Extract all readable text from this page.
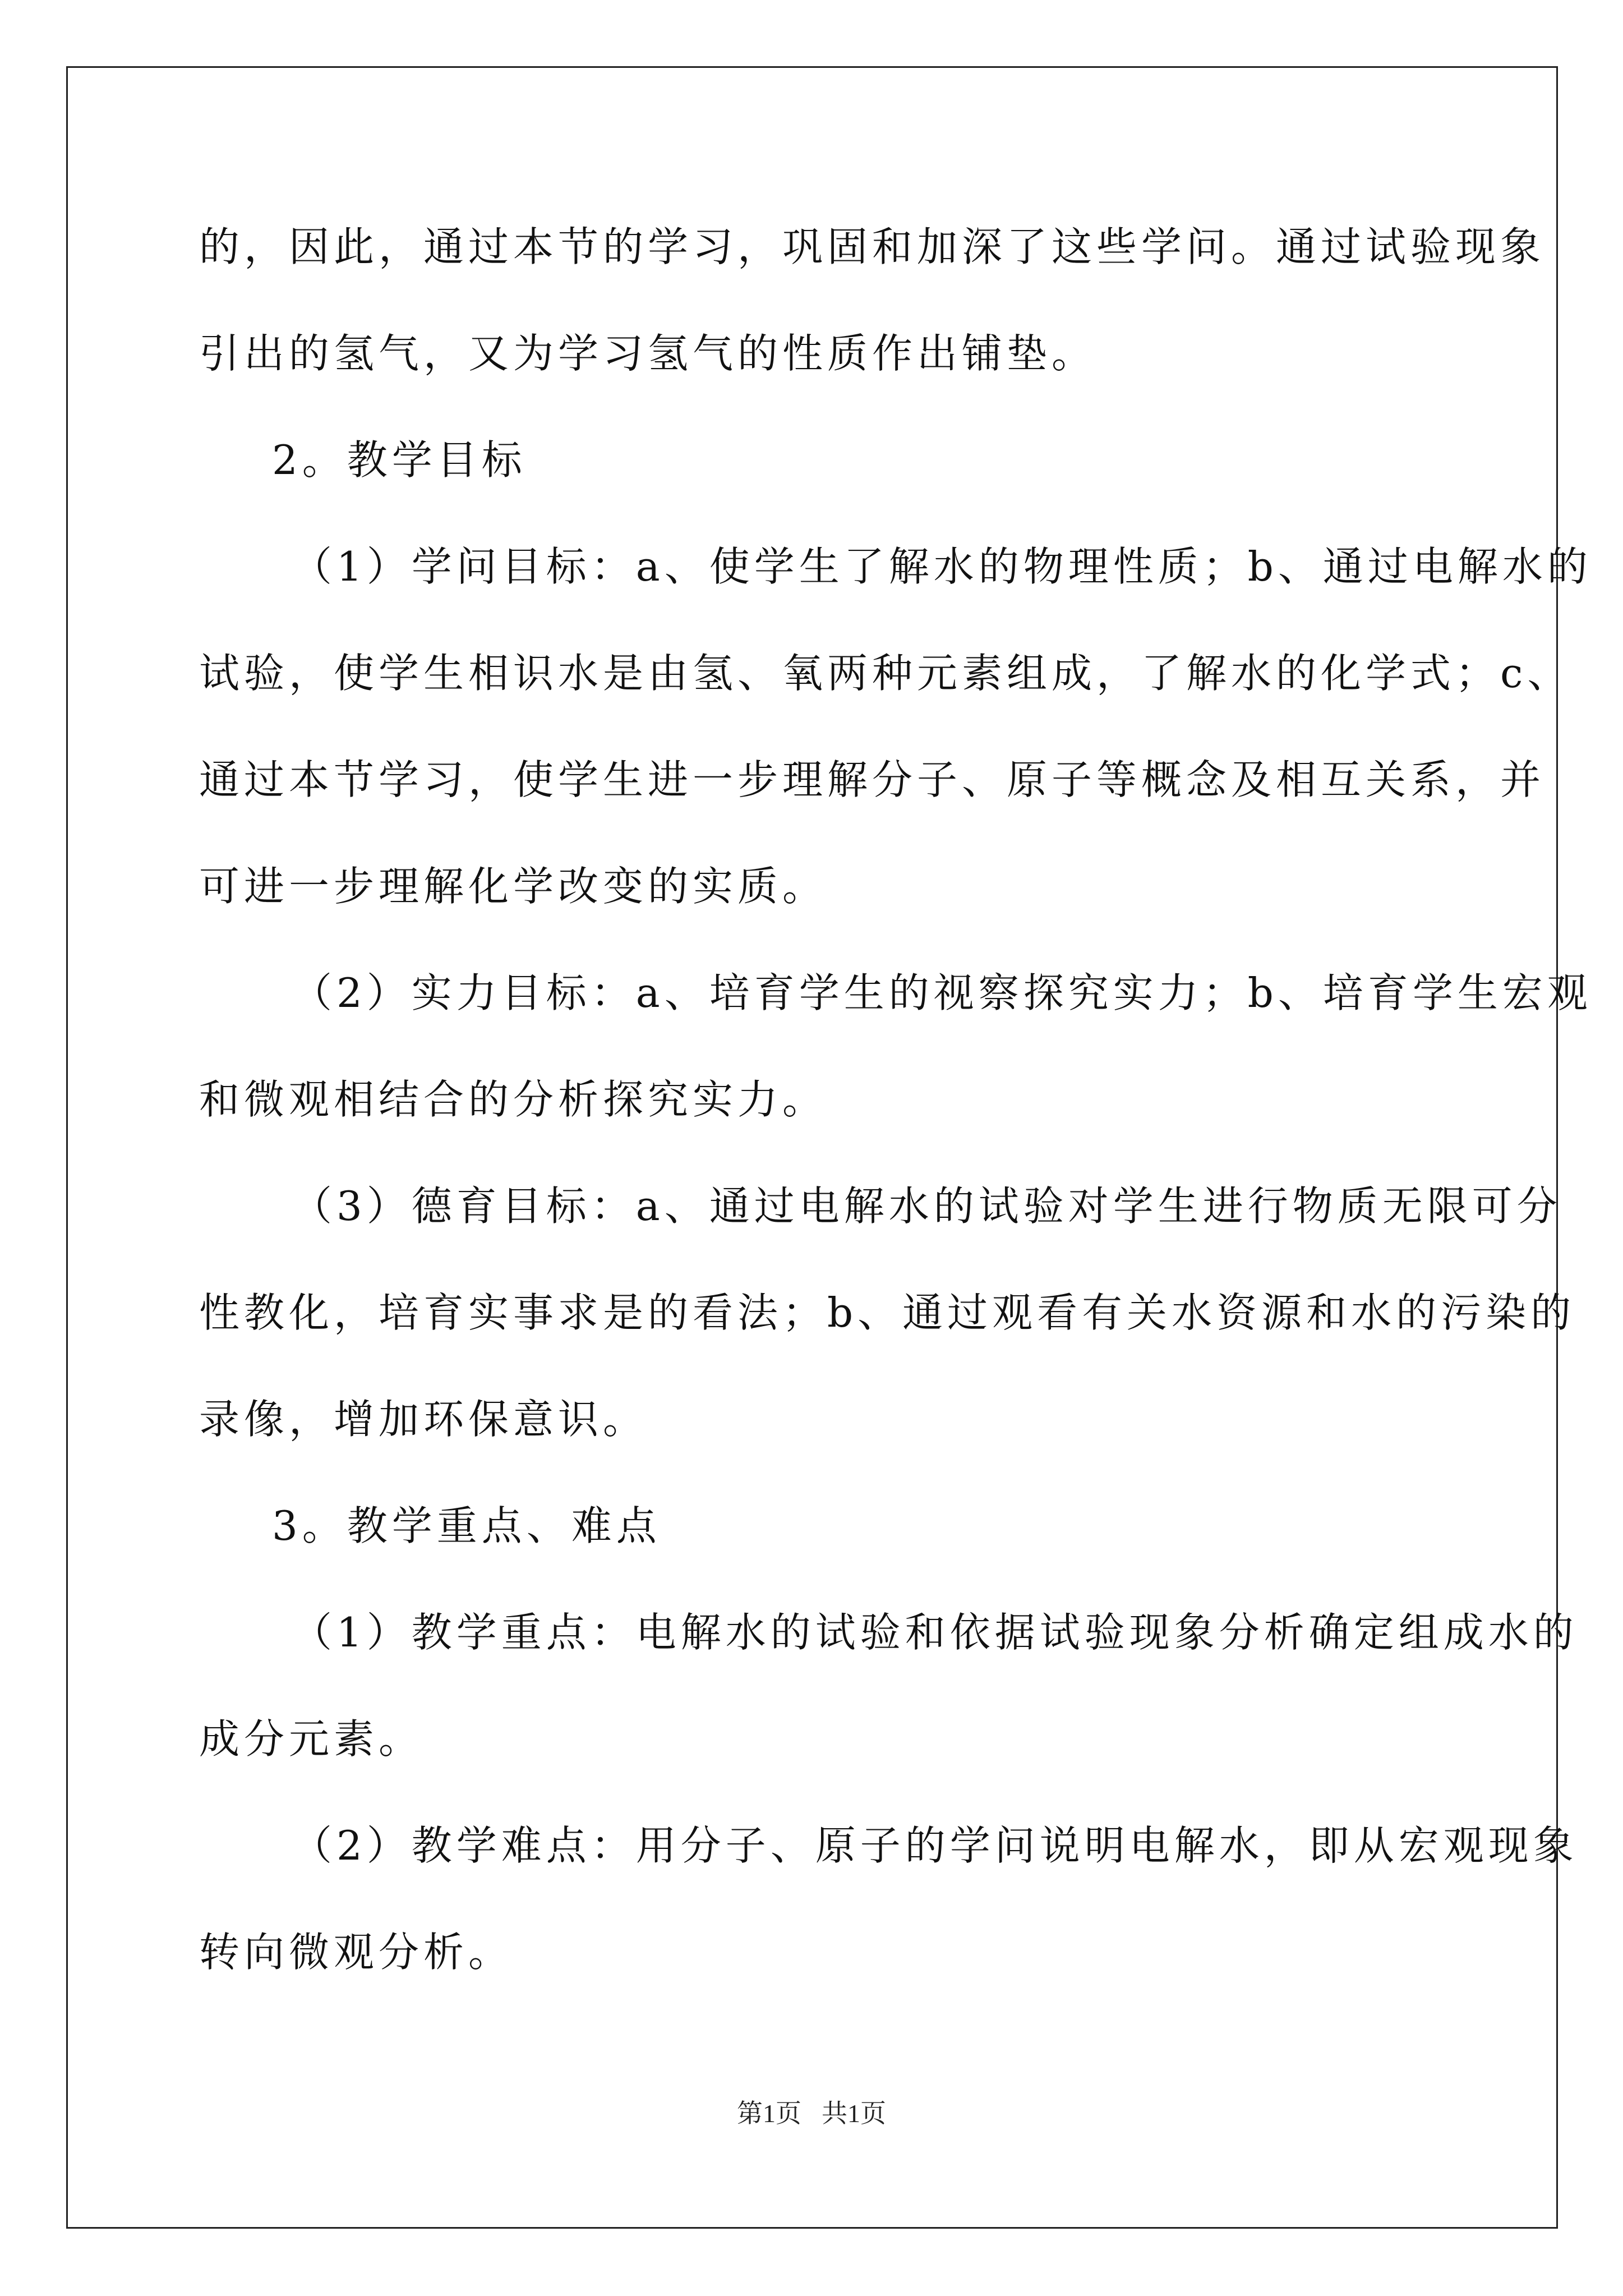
的，因此，通过本节的学习，巩固和加深了这些学问。通过试验现象
引出的氢气，又为学习氢气的性质作出铺垫。
2。教学目标
（1）学问目标：a、使学生了解水的物理性质；b、通过电解水的
试验，使学生相识水是由氢、氧两种元素组成，了解水的化学式；c、
通过本节学习，使学生进一步理解分子、原子等概念及相互关系，并
可进一步理解化学改变的实质。
（2）实力目标：a、培育学生的视察探究实力；b、培育学生宏观
和微观相结合的分析探究实力。
（3）德育目标：a、通过电解水的试验对学生进行物质无限可分
性教化，培育实事求是的看法；b、通过观看有关水资源和水的污染的
录像，增加环保意识。
3。教学重点、难点
（1）教学重点：电解水的试验和依据试验现象分析确定组成水的
成分元素。
（2）教学难点：用分子、原子的学问说明电解水，即从宏观现象
转向微观分析。
第1页 共1页
